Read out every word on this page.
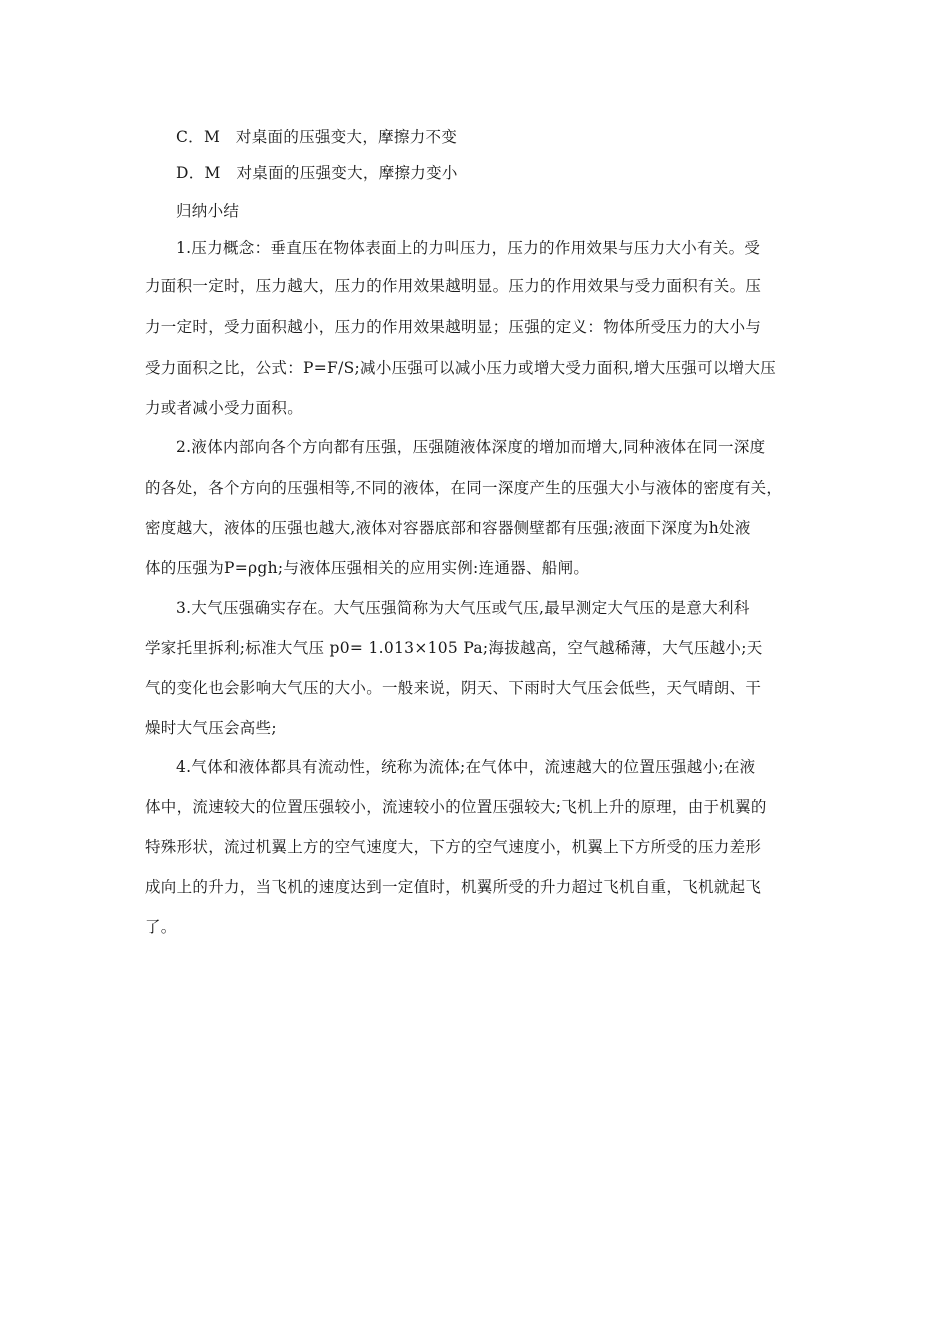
C．M　对桌面的压强变大，摩擦力不变
D．M　对桌面的压强变大，摩擦力变小
归纳小结
1.压力概念：垂直压在物体表面上的力叫压力，压力的作用效果与压力大小有关。受
力面积一定时，压力越大，压力的作用效果越明显。压力的作用效果与受力面积有关。压
力一定时，受力面积越小，压力的作用效果越明显；压强的定义：物体所受压力的大小与
受力面积之比，公式：P=F/S;减小压强可以减小压力或增大受力面积,增大压强可以增大压
力或者减小受力面积。
2.液体内部向各个方向都有压强，压强随液体深度的增加而增大,同种液体在同一深度
的各处，各个方向的压强相等,不同的液体，在同一深度产生的压强大小与液体的密度有关，
密度越大，液体的压强也越大,液体对容器底部和容器侧壁都有压强;液面下深度为h处液
体的压强为P=ρgh;与液体压强相关的应用实例:连通器、船闸。
3.大气压强确实存在。大气压强简称为大气压或气压,最早测定大气压的是意大利科
学家托里拆利;标准大气压 p0= 1.013×105 Pa;海拔越高，空气越稀薄，大气压越小;天
气的变化也会影响大气压的大小。一般来说，阴天、下雨时大气压会低些，天气晴朗、干
燥时大气压会高些;
4.气体和液体都具有流动性，统称为流体;在气体中，流速越大的位置压强越小;在液
体中，流速较大的位置压强较小，流速较小的位置压强较大;飞机上升的原理，由于机翼的
特殊形状，流过机翼上方的空气速度大，下方的空气速度小，机翼上下方所受的压力差形
成向上的升力，当飞机的速度达到一定值时，机翼所受的升力超过飞机自重，飞机就起飞
了。
